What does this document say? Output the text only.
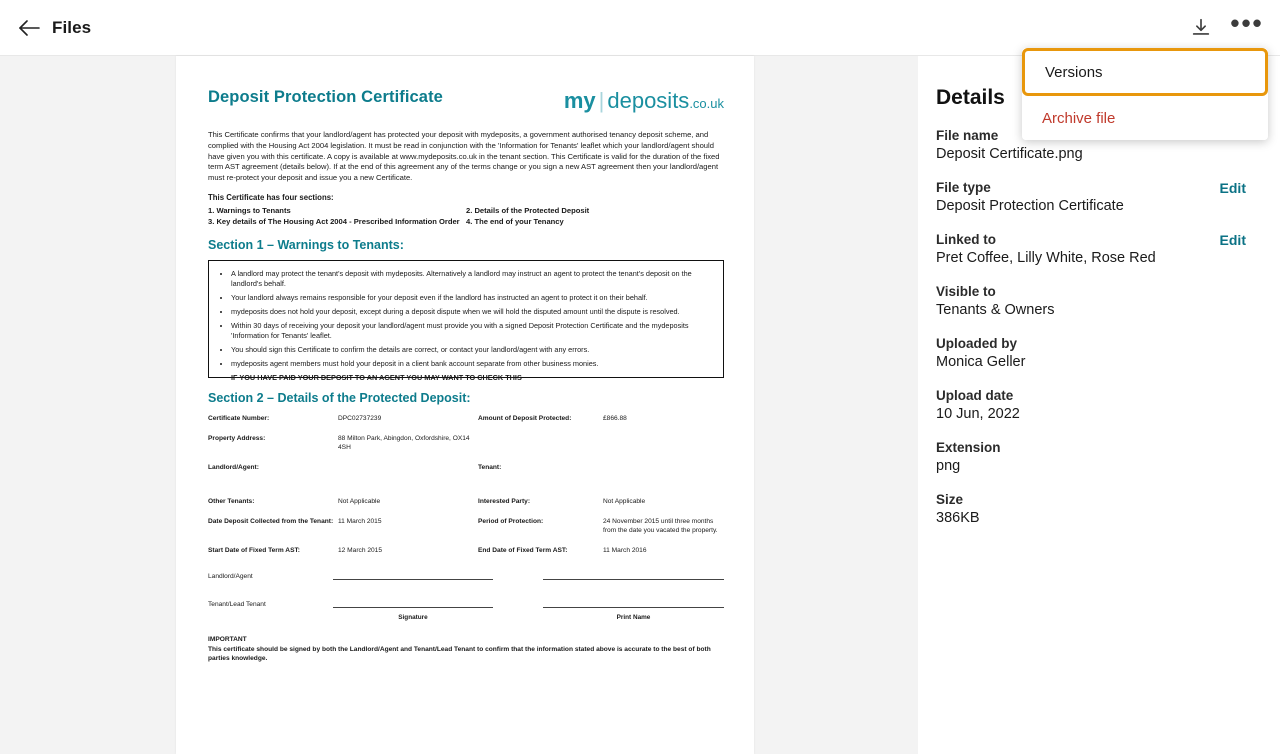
Files	•••
Deposit Protection Certificate	my | deposits .co.uk
This Certificate confirms that your landlord/agent has protected your deposit with mydeposits, a government authorised tenancy deposit scheme, and complied with the Housing Act 2004 legislation. It must be read in conjunction with the 'Information for Tenants' leaflet which your landlord/agent should have given you with this certificate. A copy is available at www.mydeposits.co.uk in the tenant section. This Certificate is valid for the duration of the fixed term AST agreement (details below). If at the end of this agreement any of the terms change or you sign a new AST agreement then your landlord/agent must re-protect your deposit and issue you a new Certificate.
This Certificate has four sections:
1. Warnings to Tenants	2. Details of the Protected Deposit
3. Key details of The Housing Act 2004 - Prescribed Information Order 4. The end of your Tenancy
Section 1 – Warnings to Tenants:
• A landlord may protect the tenant's deposit with mydeposits. Alternatively a landlord may instruct an agent to protect the tenant's deposit on the landlord's behalf.
• Your landlord always remains responsible for your deposit even if the landlord has instructed an agent to protect it on their behalf.
• mydeposits does not hold your deposit, except during a deposit dispute when we will hold the disputed amount until the dispute is resolved.
• Within 30 days of receiving your deposit your landlord/agent must provide you with a signed Deposit Protection Certificate and the mydeposits 'Information for Tenants' leaflet.
• You should sign this Certificate to confirm the details are correct, or contact your landlord/agent with any errors.
• mydeposits agent members must hold your deposit in a client bank account separate from other business monies.
IF YOU HAVE PAID YOUR DEPOSIT TO AN AGENT YOU MAY WANT TO CHECK THIS
Section 2 – Details of the Protected Deposit:
Certificate Number:	DPC02737239	Amount of Deposit Protected:	£866.88
Property Address:	88 Milton Park, Abingdon, Oxfordshire, OX14 4SH
Landlord/Agent:	Tenant:
Other Tenants:	Not Applicable	Interested Party:	Not Applicable
Date Deposit Collected from the Tenant: 11 March 2015	Period of Protection:	24 November 2015 until three months from the date you vacated the property.
Start Date of Fixed Term AST:	12 March 2015	End Date of Fixed Term AST:	11 March 2016
Landlord/Agent
Tenant/Lead Tenant
Signature	Print Name
IMPORTANT
This certificate should be signed by both the Landlord/Agent and Tenant/Lead Tenant to confirm that the information stated above is accurate to the best of both parties knowledge.
Details
File name
Deposit Certificate.png
File type
Deposit Protection Certificate
Edit
Linked to
Pret Coffee, Lilly White, Rose Red
Edit
Visible to
Tenants & Owners
Uploaded by
Monica Geller
Upload date
10 Jun, 2022
Extension
png
Size
386KB
Versions
Archive file
